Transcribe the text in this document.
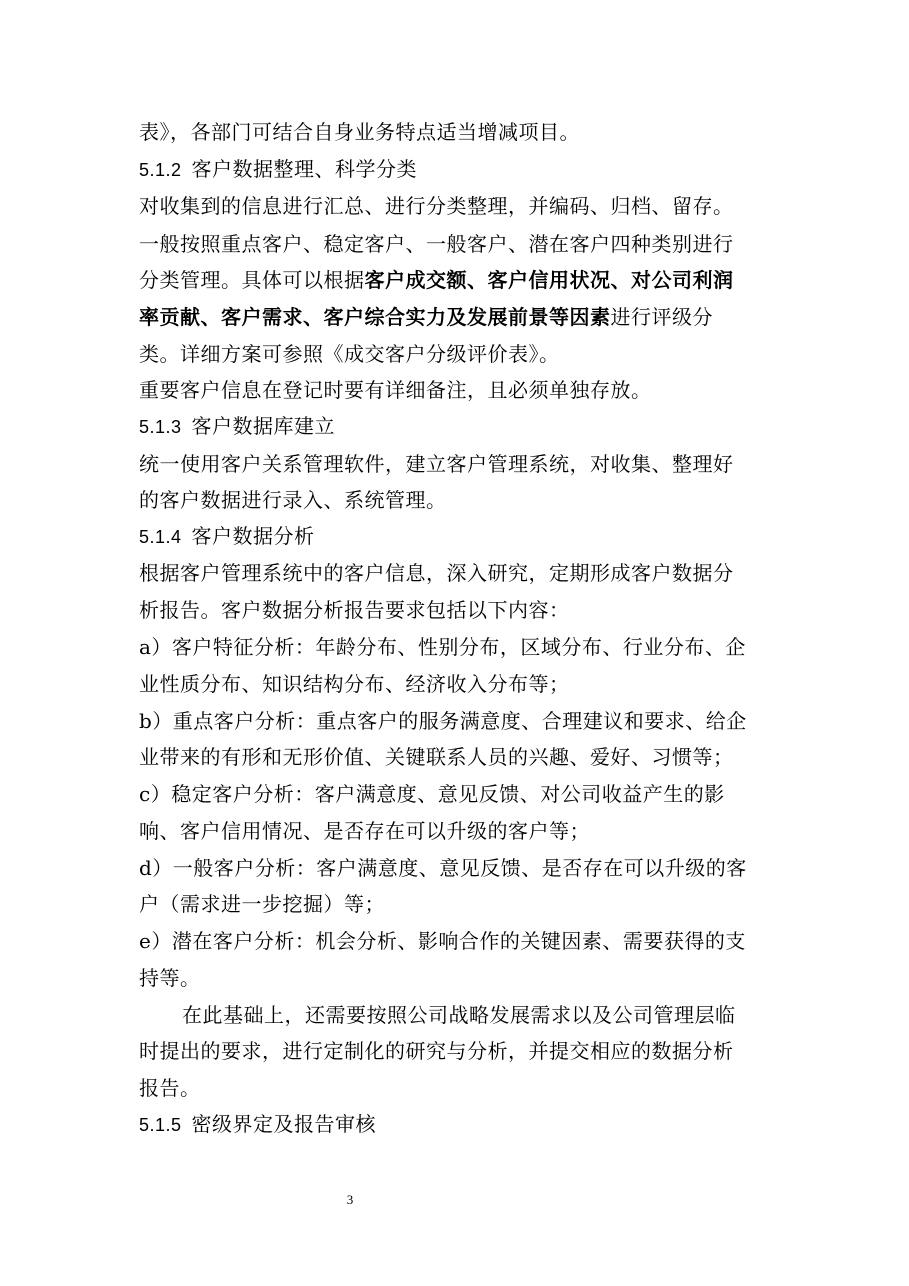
表》，各部门可结合自身业务特点适当增减项目。
5.1.2 客户数据整理、科学分类
对收集到的信息进行汇总、进行分类整理，并编码、归档、留存。
一般按照重点客户、稳定客户、一般客户、潜在客户四种类别进行
分类管理。具体可以根据客户成交额、客户信用状况、对公司利润
率贡献、客户需求、客户综合实力及发展前景等因素进行评级分
类。详细方案可参照《成交客户分级评价表》。
重要客户信息在登记时要有详细备注，且必须单独存放。
5.1.3 客户数据库建立
统一使用客户关系管理软件，建立客户管理系统，对收集、整理好
的客户数据进行录入、系统管理。
5.1.4 客户数据分析
根据客户管理系统中的客户信息，深入研究，定期形成客户数据分
析报告。客户数据分析报告要求包括以下内容：
a）客户特征分析：年龄分布、性别分布，区域分布、行业分布、企
业性质分布、知识结构分布、经济收入分布等；
b）重点客户分析：重点客户的服务满意度、合理建议和要求、给企
业带来的有形和无形价值、关键联系人员的兴趣、爱好、习惯等；
c）稳定客户分析：客户满意度、意见反馈、对公司收益产生的影
响、客户信用情况、是否存在可以升级的客户等；
d）一般客户分析：客户满意度、意见反馈、是否存在可以升级的客
户（需求进一步挖掘）等；
e）潜在客户分析：机会分析、影响合作的关键因素、需要获得的支
持等。
在此基础上，还需要按照公司战略发展需求以及公司管理层临
时提出的要求，进行定制化的研究与分析，并提交相应的数据分析
报告。
5.1.5 密级界定及报告审核
3
